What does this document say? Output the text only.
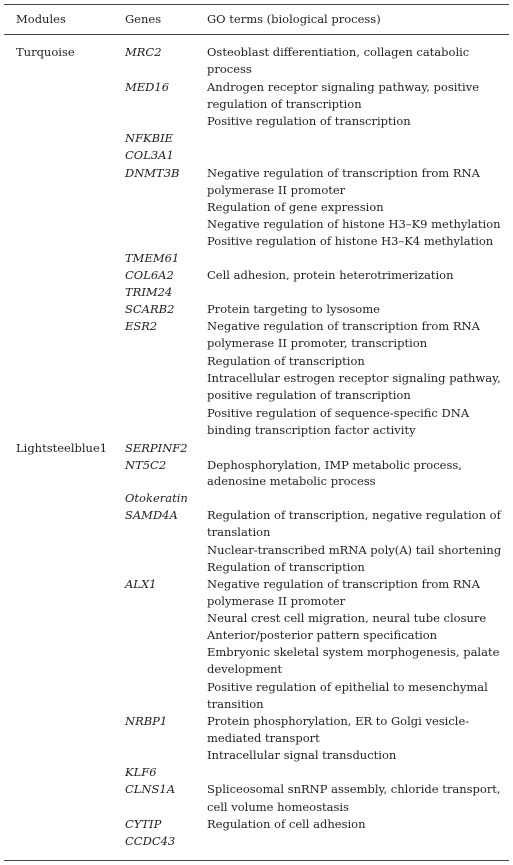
Modules	Genes	GO terms (biological process)
Turquoise
Lightsteelblue1
MRC2
MED16
NFKBIE
COL3A1
DNMT3B
TMEM61
COL6A2
TRIM24
SCARB2
ESR2
SERPINF2
NT5C2
Otokeratin
SAMD4A
ALX1
NRBP1
KLF6
CLNS1A
CYTIP
CCDC43
Osteoblast differentiation, collagen catabolic
process
Androgen receptor signaling pathway, positive
regulation of transcription
Positive regulation of transcription
Negative regulation of transcription from RNA
polymerase II promoter
Regulation of gene expression
Negative regulation of histone H3–K9 methylation
Positive regulation of histone H3–K4 methylation
Cell adhesion, protein heterotrimerization
Protein targeting to lysosome
Negative regulation of transcription from RNA
polymerase II promoter, transcription
Regulation of transcription
Intracellular estrogen receptor signaling pathway,
positive regulation of transcription
Positive regulation of sequence-specific DNA
binding transcription factor activity
Dephosphorylation, IMP metabolic process,
adenosine metabolic process
Regulation of transcription, negative regulation of
translation
Nuclear-transcribed mRNA poly(A) tail shortening
Regulation of transcription
Negative regulation of transcription from RNA
polymerase II promoter
Neural crest cell migration, neural tube closure
Anterior/posterior pattern specification
Embryonic skeletal system morphogenesis, palate
development
Positive regulation of epithelial to mesenchymal
transition
Protein phosphorylation, ER to Golgi vesicle-
mediated transport
Intracellular signal transduction
Spliceosomal snRNP assembly, chloride transport,
cell volume homeostasis
Regulation of cell adhesion
